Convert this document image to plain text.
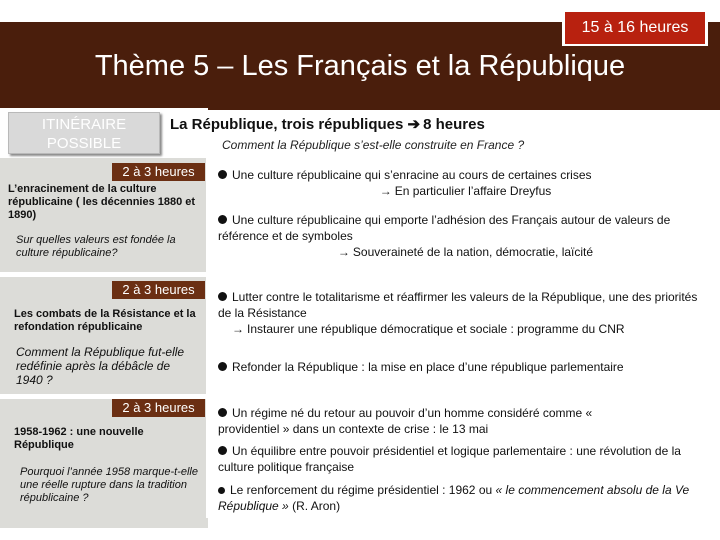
Thème 5 – Les Français et la République
15 à 16 heures
ITINÉRAIRE
POSSIBLE
La République, trois républiques ➔ 8 heures
Comment la République s’est-elle construite en France ?
2 à 3 heures
L’enracinement de la culture républicaine ( les décennies 1880 et 1890)
Sur quelles valeurs est fondée la culture républicaine?
2 à 3 heures
Les combats de la Résistance et la refondation républicaine
Comment la République fut-elle redéfinie après la débâcle de 1940 ?
2 à 3 heures
1958-1962 : une nouvelle République
Pourquoi l’année 1958 marque-t-elle une réelle rupture dans la tradition républicaine ?
Une culture républicaine qui s’enracine au cours de certaines crises
→ En particulier l’affaire Dreyfus
Une culture républicaine qui emporte l’adhésion des Français autour de valeurs de référence et de symboles
→ Souveraineté de la nation, démocratie, laïcité
Lutter contre le totalitarisme et réaffirmer les valeurs de la République, une des priorités de la Résistance
→ Instaurer une république démocratique et sociale : programme du CNR
Refonder la République : la mise en place d’une république parlementaire
Un régime né du retour au pouvoir d’un homme considéré comme « providentiel » dans un contexte de crise : le 13 mai
Un équilibre entre pouvoir présidentiel et logique parlementaire : une révolution de la culture politique française
Le renforcement du régime présidentiel : 1962 ou « le commencement absolu de la Ve République » (R. Aron)
